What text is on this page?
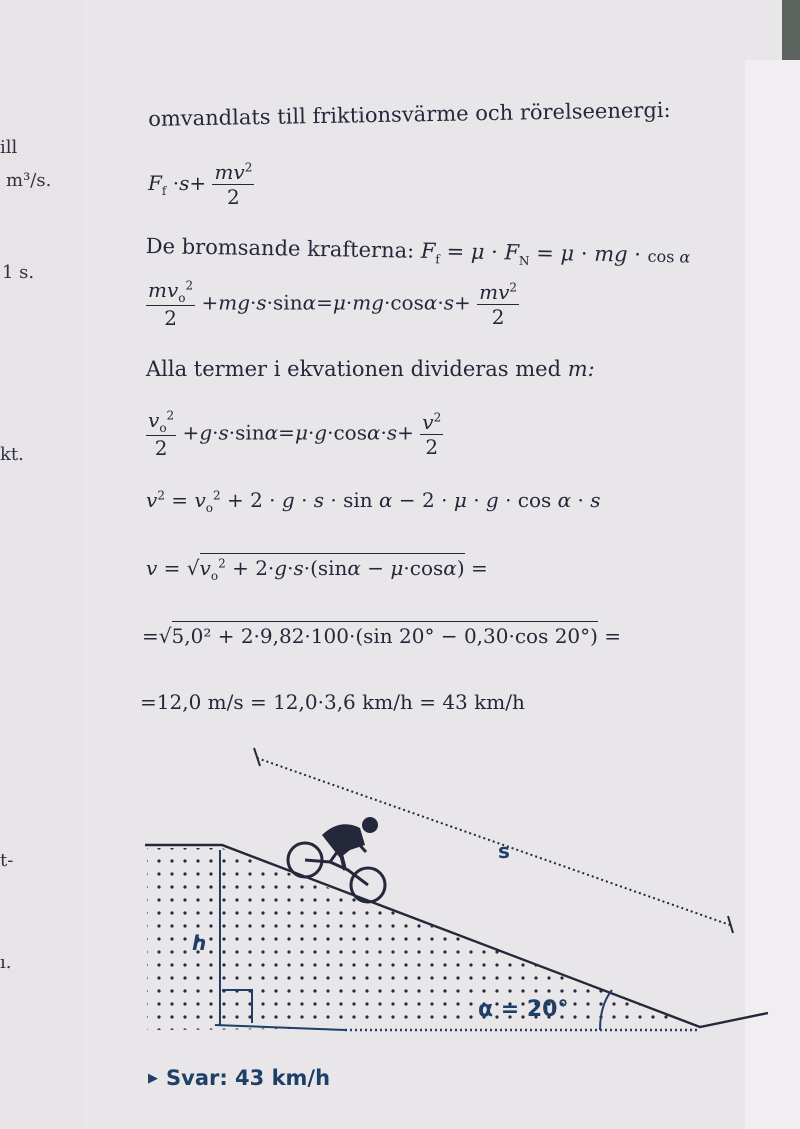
ill
m³/s.
1 s.
kt.
t-
ı.
omvandlats till friktionsvärme och rörelseenergi:
$F_f \cdot s+ \frac{mv^2}{2}$
De bromsande krafterna: $F_f = \mu \cdot F_N = \mu$ · mg · cos α
$\frac{mv_o^2}{2} +mg\cdot s\cdot\sin\alpha=\mu\cdot mg\cdot\cos\alpha\cdot s+ \frac{mv^2}{2}$
Alla termer i ekvationen divideras med m:
$\frac{v_o^2}{2} +g\cdot s\cdot\sin\alpha=\mu\cdot g\cdot\cos\alpha\cdot s+ \frac{v^2}{2}$
$v^2 = v_o^2 + 2 \cdot g \cdot s \cdot \sin \alpha - 2 \cdot \mu \cdot g \cdot \cos \alpha \cdot s$
$v = √v_o^2 + 2\cdot g\cdot s\cdot(\sin\alpha - \mu\cdot\cos\alpha)$ =
=√5,0² + 2·9,82·100·(sin 20° − 0,30·cos 20°) =
=12,0 m/s = 12,0·3,6 km/h = 43 km/h
s
h
α = 20°
▶ Svar: 43 km/h
